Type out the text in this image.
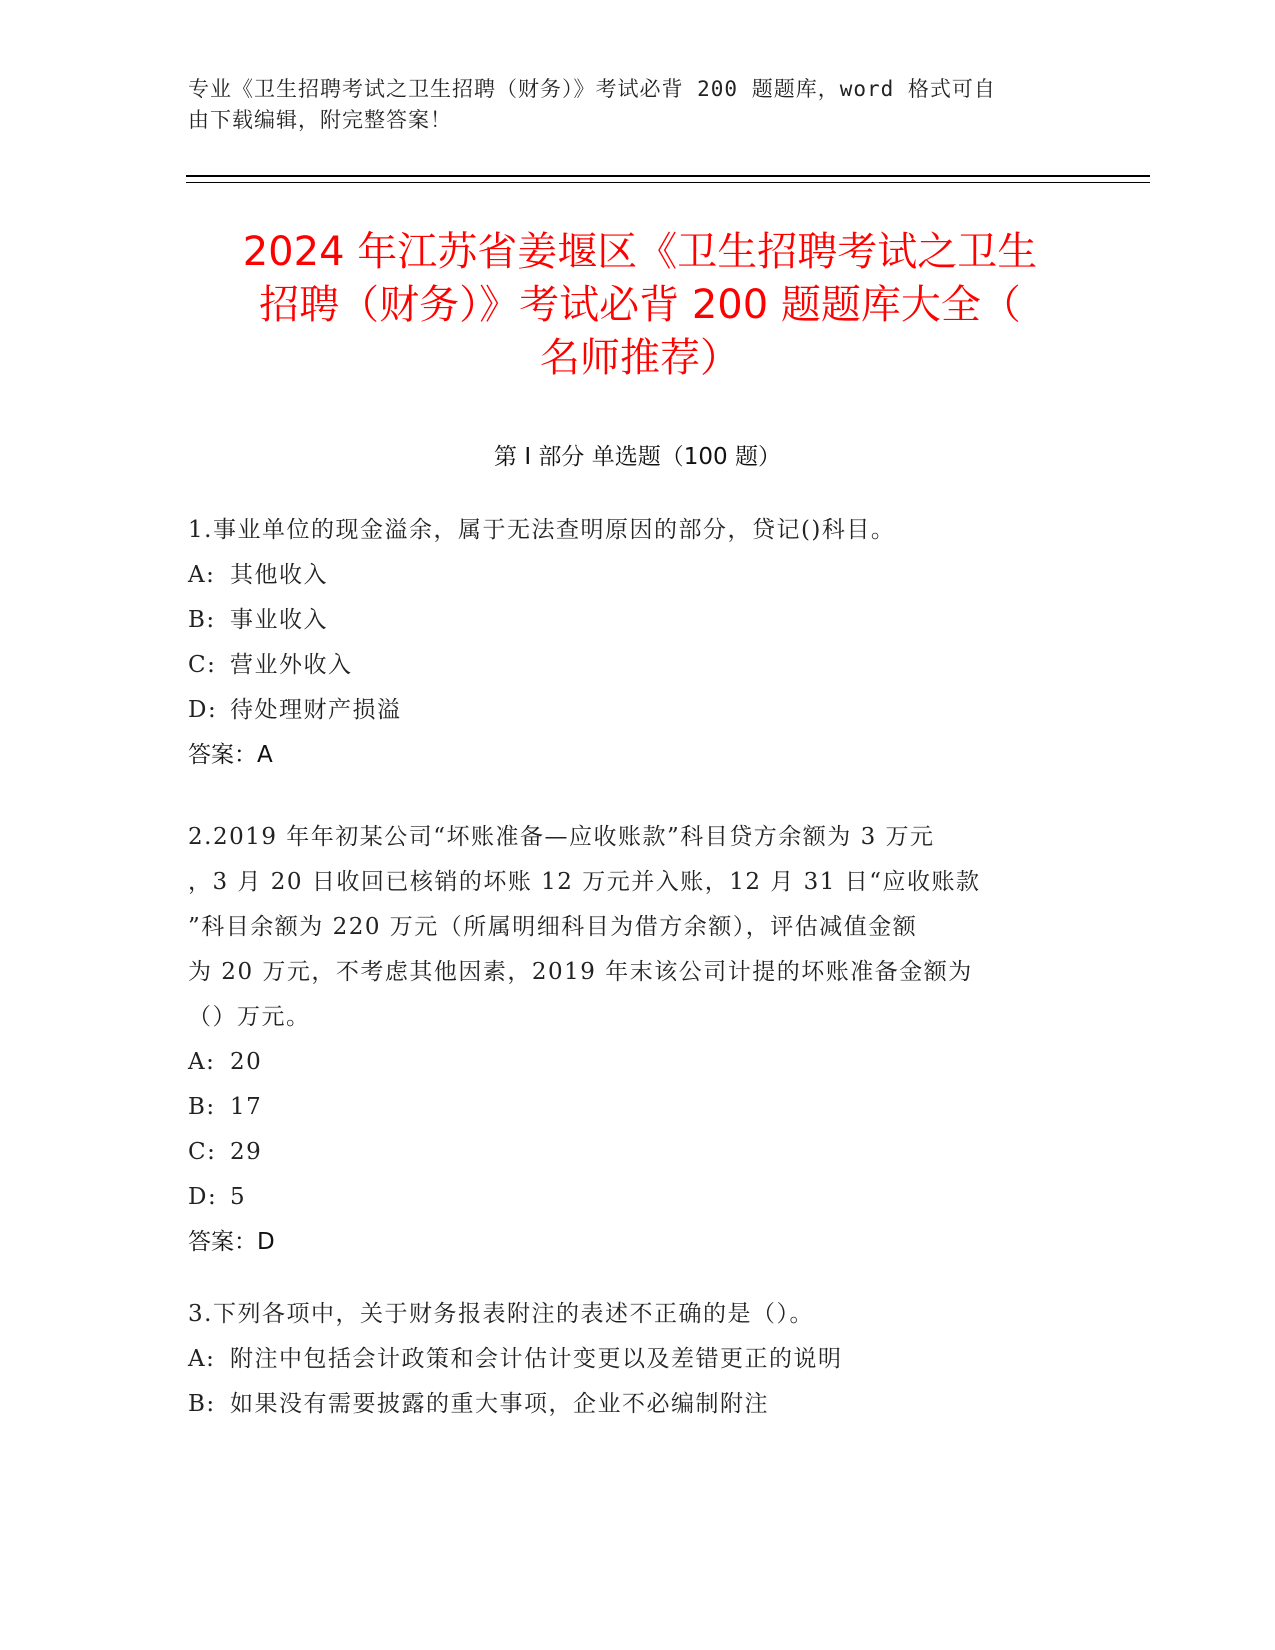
专业《卫生招聘考试之卫生招聘（财务）》考试必背 200 题题库，word 格式可自
由下载编辑，附完整答案！
2024 年江苏省姜堰区《卫生招聘考试之卫生
招聘（财务）》考试必背 200 题题库大全（
名师推荐）
第 I 部分 单选题（100 题）
1.事业单位的现金溢余，属于无法查明原因的部分，贷记()科目。
A: 其他收入
B: 事业收入
C: 营业外收入
D: 待处理财产损溢
答案：A
2.2019 年年初某公司“坏账准备—应收账款”科目贷方余额为 3 万元
，3 月 20 日收回已核销的坏账 12 万元并入账，12 月 31 日“应收账款
”科目余额为 220 万元（所属明细科目为借方余额），评估减值金额
为 20 万元，不考虑其他因素，2019 年末该公司计提的坏账准备金额为
（）万元。
A: 20
B: 17
C: 29
D: 5
答案：D
3.下列各项中，关于财务报表附注的表述不正确的是（）。
A: 附注中包括会计政策和会计估计变更以及差错更正的说明
B: 如果没有需要披露的重大事项，企业不必编制附注
